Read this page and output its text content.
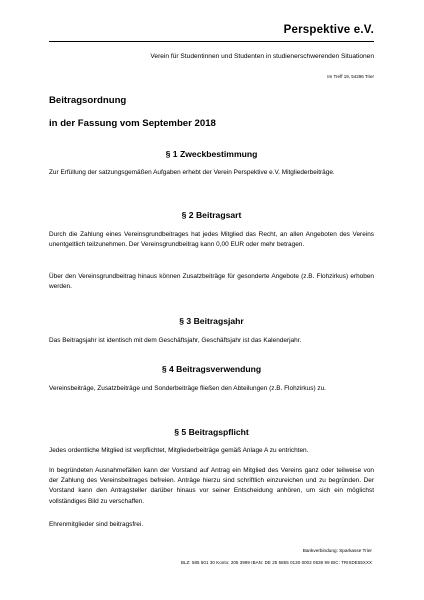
Perspektive e.V.
Verein für Studentinnen und Studenten in studienerschwerenden Situationen
Im Treff 19, 54296 Trier
Beitragsordnung
in der Fassung vom September 2018
§ 1 Zweckbestimmung
Zur Erfüllung der satzungsgemäßen Aufgaben erhebt der Verein Perspektive e.V. Mitgliederbeiträge.
§ 2 Beitragsart
Durch die Zahlung eines Vereinsgrundbeitrages hat jedes Mitglied das Recht, an allen Angeboten des Vereins unentgeltlich teilzunehmen. Der Vereinsgrundbeitrag kann 0,00 EUR oder mehr betragen.
Über den Vereinsgrundbeitrag hinaus können Zusatzbeiträge für gesonderte Angebote (z.B. Flohzirkus) erhoben werden.
§ 3 Beitragsjahr
Das Beitragsjahr ist identisch mit dem Geschäftsjahr, Geschäftsjahr ist das Kalenderjahr.
§ 4 Beitragsverwendung
Vereinsbeiträge, Zusatzbeiträge und Sonderbeiträge fließen den Abteilungen (z.B. Flohzirkus) zu.
§ 5 Beitragspflicht
Jedes ordentliche Mitglied ist verpflichtet, Mitgliederbeiträge gemäß Anlage A zu entrichten.
In begründeten Ausnahmefällen kann der Vorstand auf Antrag ein Mitglied des Vereins ganz oder teilweise von der Zahlung des Vereinsbeitrages befreien. Anträge hierzu sind schriftlich einzureichen und zu begründen. Der Vorstand kann den Antragsteller darüber hinaus vor seiner Entscheidung anhören, um sich ein möglichst vollständiges Bild zu verschaffen.
Ehrenmitglieder sind beitragsfrei.
Bankverbindung: Sparkasse Trier
BLZ: 585 501 30 Konto: 205 3999 IBAN: DE 25 5855 0130 0002 0539 99 BIC: TRISDE55XXX
